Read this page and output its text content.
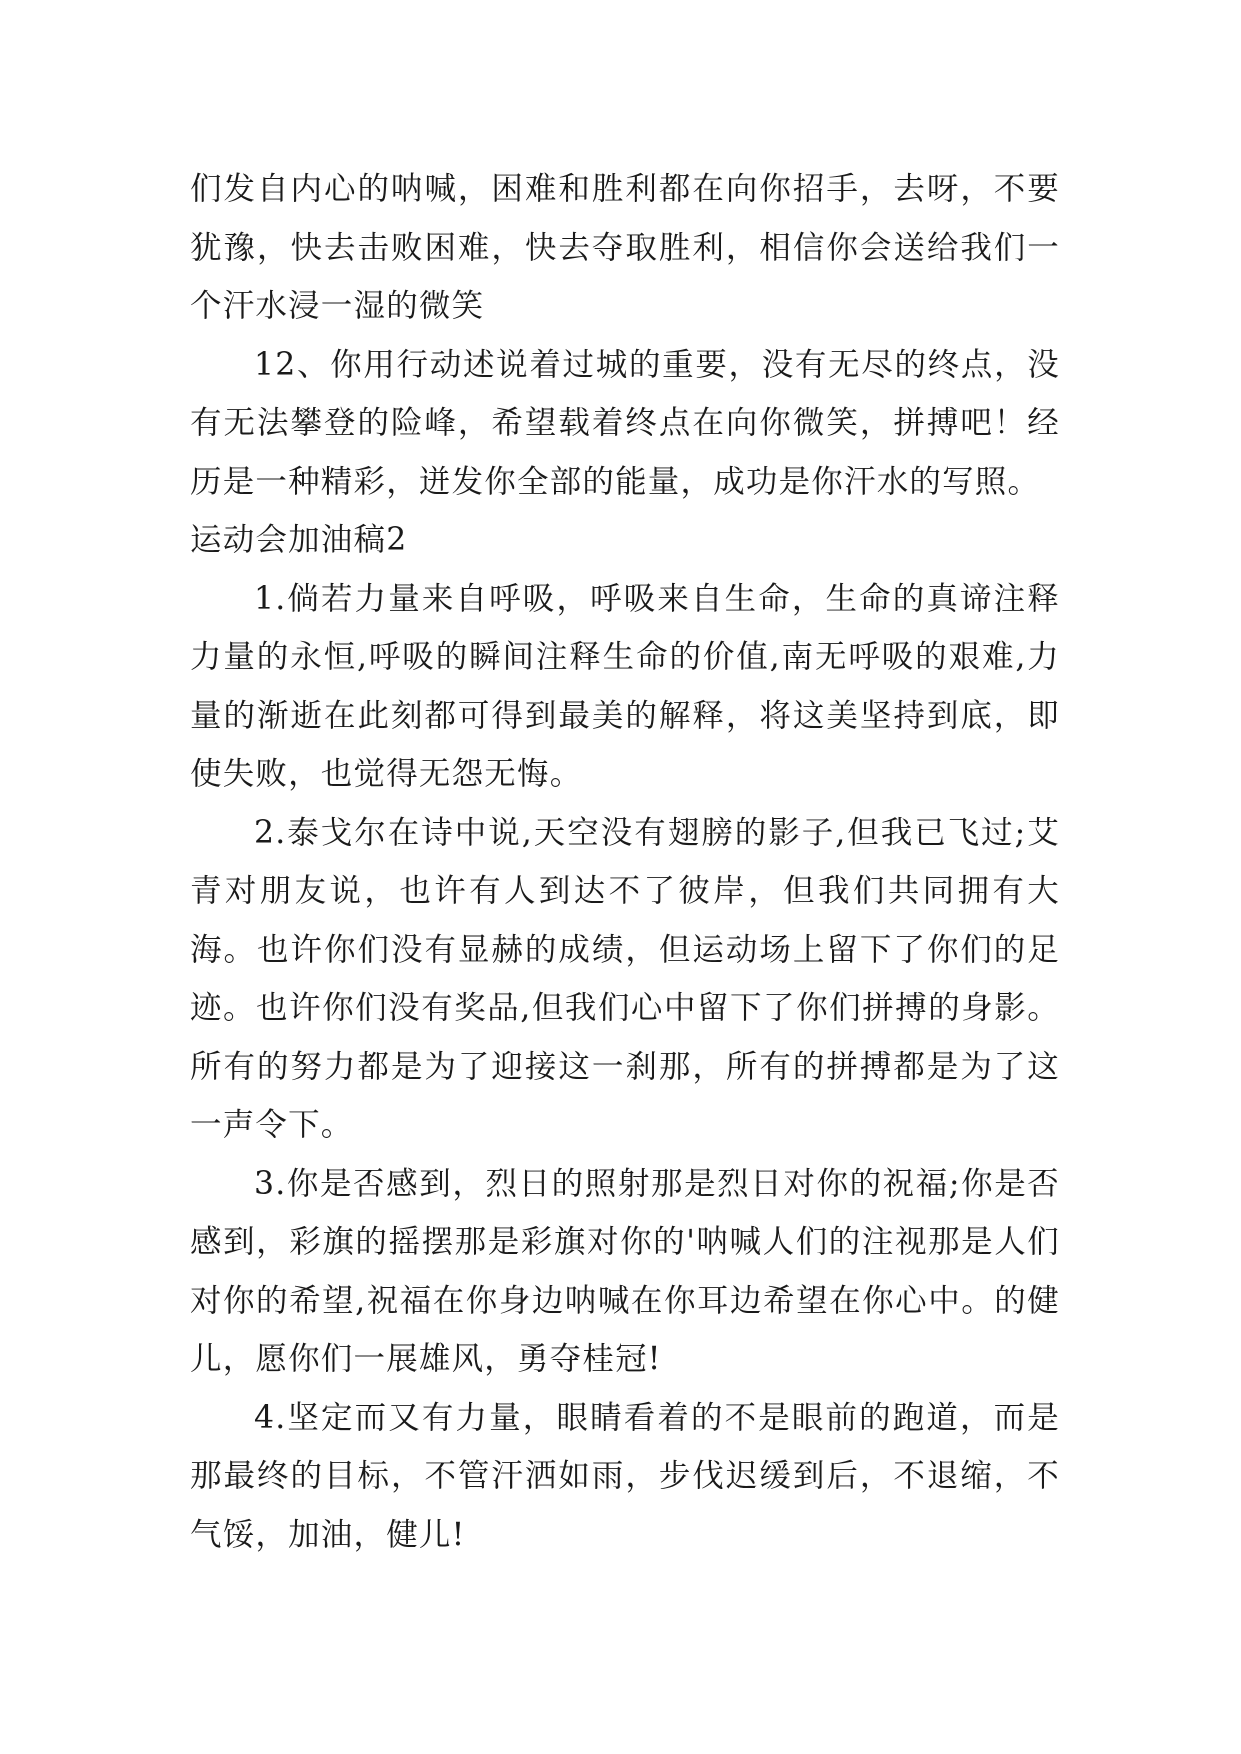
们发自内心的呐喊，困难和胜利都在向你招手，去呀，不要犹豫，快去击败困难，快去夺取胜利，相信你会送给我们一个汗水浸一湿的微笑

12、你用行动述说着过城的重要，没有无尽的终点，没有无法攀登的险峰，希望载着终点在向你微笑，拼搏吧！经历是一种精彩，迸发你全部的能量，成功是你汗水的写照。

运动会加油稿2

1.倘若力量来自呼吸，呼吸来自生命，生命的真谛注释力量的永恒,呼吸的瞬间注释生命的价值,南无呼吸的艰难,力量的渐逝在此刻都可得到最美的解释，将这美坚持到底，即使失败，也觉得无怨无悔。

2.泰戈尔在诗中说,天空没有翅膀的影子,但我已飞过;艾青对朋友说，也许有人到达不了彼岸，但我们共同拥有大海。也许你们没有显赫的成绩，但运动场上留下了你们的足迹。也许你们没有奖品,但我们心中留下了你们拼搏的身影。所有的努力都是为了迎接这一刹那，所有的拼搏都是为了这一声令下。

3.你是否感到，烈日的照射那是烈日对你的祝福;你是否感到，彩旗的摇摆那是彩旗对你的'呐喊人们的注视那是人们对你的希望,祝福在你身边呐喊在你耳边希望在你心中。的健儿，愿你们一展雄风，勇夺桂冠!

4.坚定而又有力量，眼睛看着的不是眼前的跑道，而是那最终的目标，不管汗洒如雨，步伐迟缓到后，不退缩，不气馁，加油，健儿!
